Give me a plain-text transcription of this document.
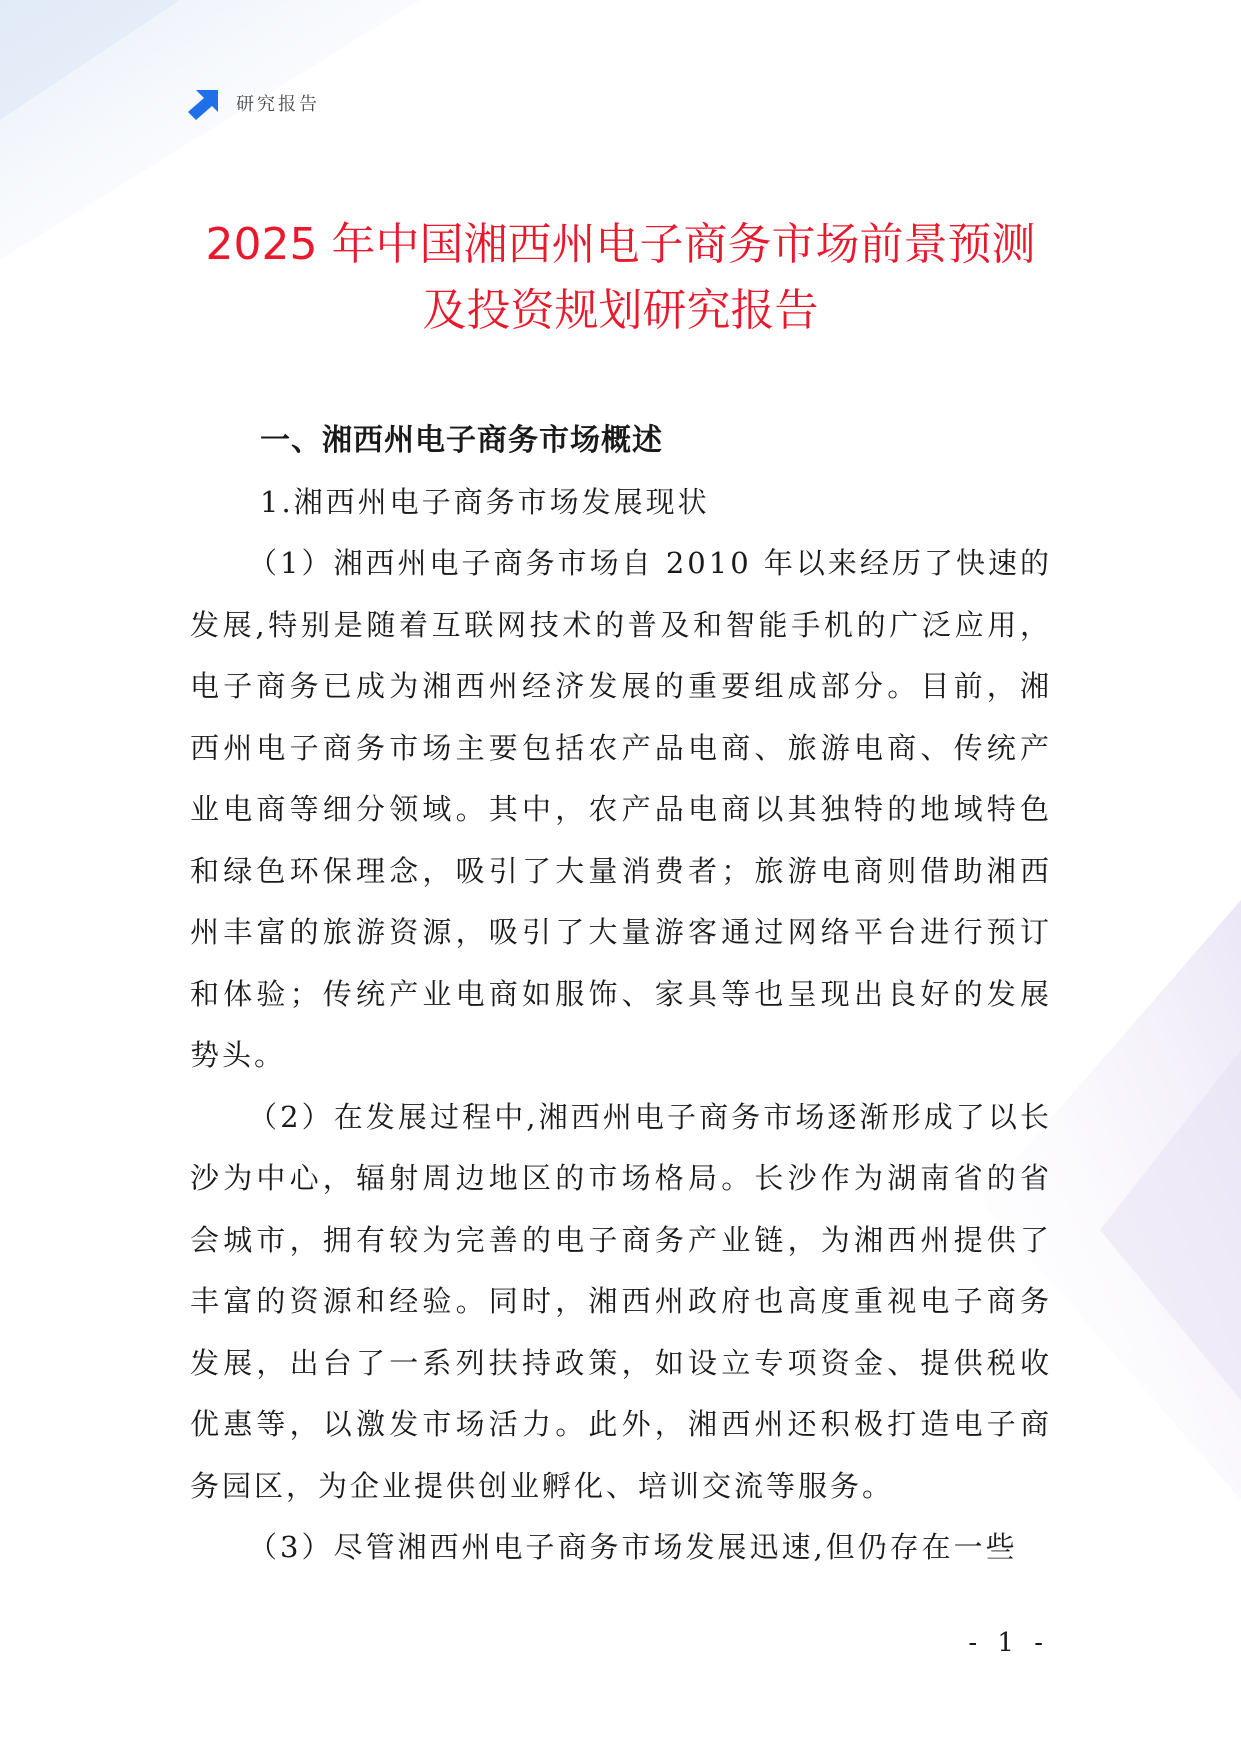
研究报告
2025 年中国湘西州电子商务市场前景预测
及投资规划研究报告

一、湘西州电子商务市场概述

1.湘西州电子商务市场发展现状

（1）湘西州电子商务市场自 2010 年以来经历了快速的发展,特别是随着互联网技术的普及和智能手机的广泛应用，电子商务已成为湘西州经济发展的重要组成部分。目前，湘西州电子商务市场主要包括农产品电商、旅游电商、传统产业电商等细分领域。其中，农产品电商以其独特的地域特色和绿色环保理念，吸引了大量消费者；旅游电商则借助湘西州丰富的旅游资源，吸引了大量游客通过网络平台进行预订和体验；传统产业电商如服饰、家具等也呈现出良好的发展势头。

（2）在发展过程中,湘西州电子商务市场逐渐形成了以长沙为中心，辐射周边地区的市场格局。长沙作为湖南省的省会城市，拥有较为完善的电子商务产业链，为湘西州提供了丰富的资源和经验。同时，湘西州政府也高度重视电子商务发展，出台了一系列扶持政策，如设立专项资金、提供税收优惠等，以激发市场活力。此外，湘西州还积极打造电子商务园区，为企业提供创业孵化、培训交流等服务。

（3）尽管湘西州电子商务市场发展迅速,但仍存在一些

- 1 -
